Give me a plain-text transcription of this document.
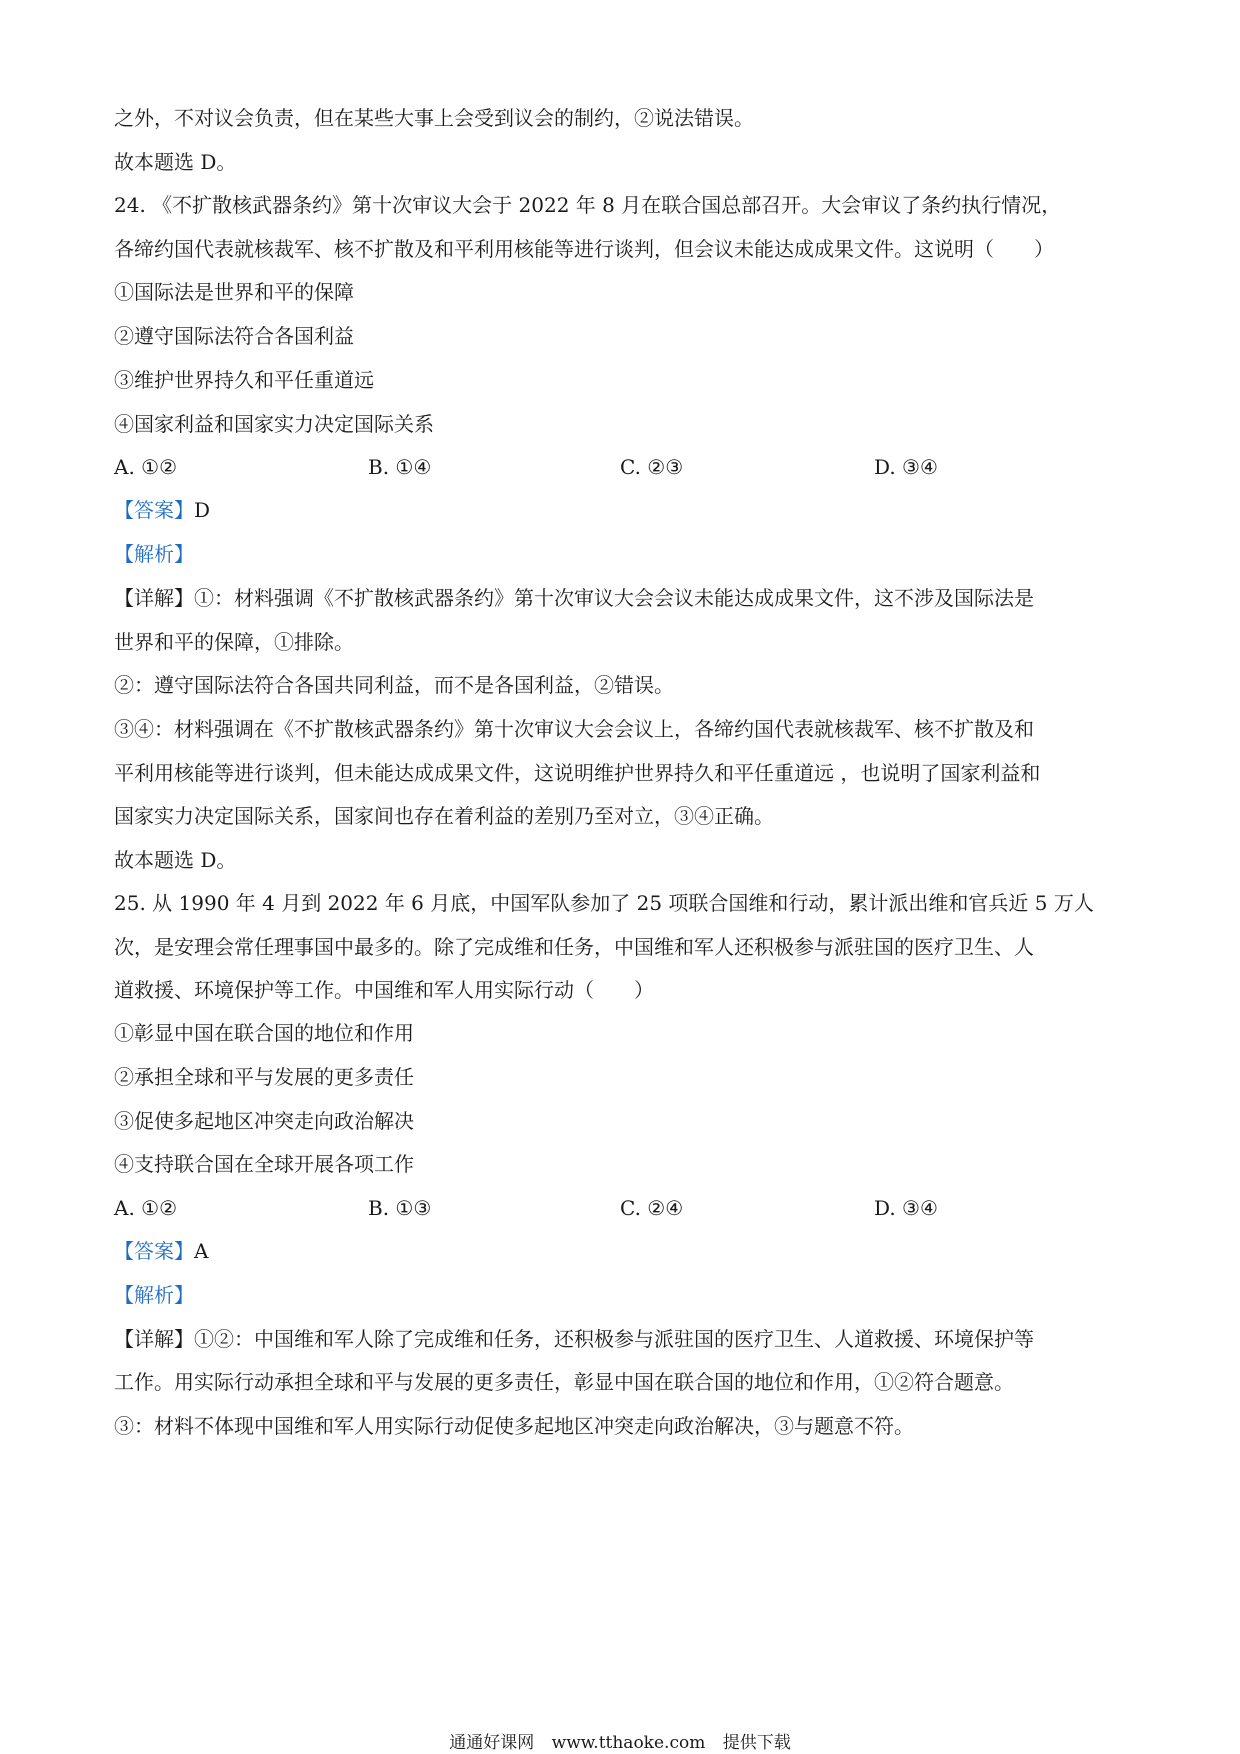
之外，不对议会负责，但在某些大事上会受到议会的制约，②说法错误。
故本题选 D。
24. 《不扩散核武器条约》第十次审议大会于 2022 年 8 月在联合国总部召开。大会审议了条约执行情况，
各缔约国代表就核裁军、核不扩散及和平利用核能等进行谈判，但会议未能达成成果文件。这说明（　　）
①国际法是世界和平的保障
②遵守国际法符合各国利益
③维护世界持久和平任重道远
④国家利益和国家实力决定国际关系
A. ①②	B. ①④	C. ②③	D. ③④
【答案】D
【解析】
【详解】①：材料强调《不扩散核武器条约》第十次审议大会会议未能达成成果文件，这不涉及国际法是
世界和平的保障，①排除。
②：遵守国际法符合各国共同利益，而不是各国利益，②错误。
③④：材料强调在《不扩散核武器条约》第十次审议大会会议上，各缔约国代表就核裁军、核不扩散及和
平利用核能等进行谈判，但未能达成成果文件，这说明维护世界持久和平任重道远 ，也说明了国家利益和
国家实力决定国际关系，国家间也存在着利益的差别乃至对立，③④正确。
故本题选 D。
25. 从 1990 年 4 月到 2022 年 6 月底，中国军队参加了 25 项联合国维和行动，累计派出维和官兵近 5 万人
次，是安理会常任理事国中最多的。除了完成维和任务，中国维和军人还积极参与派驻国的医疗卫生、人
道救援、环境保护等工作。中国维和军人用实际行动（　　）
①彰显中国在联合国的地位和作用
②承担全球和平与发展的更多责任
③促使多起地区冲突走向政治解决
④支持联合国在全球开展各项工作
A. ①②	B. ①③	C. ②④	D. ③④
【答案】A
【解析】
【详解】①②：中国维和军人除了完成维和任务，还积极参与派驻国的医疗卫生、人道救援、环境保护等
工作。用实际行动承担全球和平与发展的更多责任，彰显中国在联合国的地位和作用，①②符合题意。
③：材料不体现中国维和军人用实际行动促使多起地区冲突走向政治解决，③与题意不符。
通通好课网 www.tthaoke.com 提供下载
